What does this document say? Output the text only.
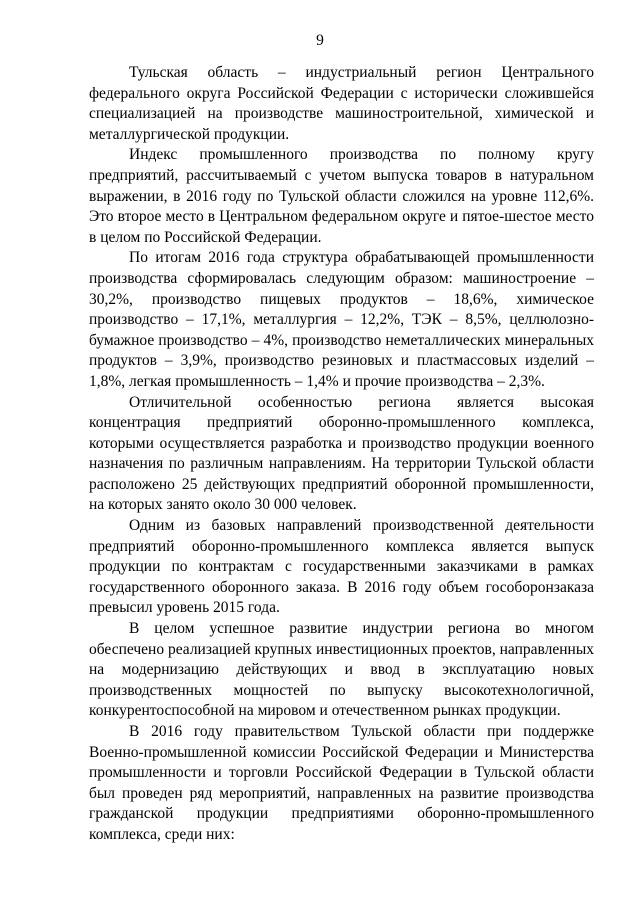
9

Тульская область – индустриальный регион Центрального федерального округа Российской Федерации с исторически сложившейся специализацией на производстве машиностроительной, химической и металлургической продукции.

Индекс промышленного производства по полному кругу предприятий, рассчитываемый с учетом выпуска товаров в натуральном выражении, в 2016 году по Тульской области сложился на уровне 112,6%. Это второе место в Центральном федеральном округе и пятое-шестое место в целом по Российской Федерации.

По итогам 2016 года структура обрабатывающей промышленности производства сформировалась следующим образом: машиностроение – 30,2%, производство пищевых продуктов – 18,6%, химическое производство – 17,1%, металлургия – 12,2%, ТЭК – 8,5%, целлюлозно-бумажное производство – 4%, производство неметаллических минеральных продуктов – 3,9%, производство резиновых и пластмассовых изделий – 1,8%, легкая промышленность – 1,4% и прочие производства – 2,3%.

Отличительной особенностью региона является высокая концентрация предприятий оборонно-промышленного комплекса, которыми осуществляется разработка и производство продукции военного назначения по различным направлениям. На территории Тульской области расположено 25 действующих предприятий оборонной промышленности, на которых занято около 30 000 человек.

Одним из базовых направлений производственной деятельности предприятий оборонно-промышленного комплекса является выпуск продукции по контрактам с государственными заказчиками в рамках государственного оборонного заказа. В 2016 году объем гособоронзаказа превысил уровень 2015 года.

В целом успешное развитие индустрии региона во многом обеспечено реализацией крупных инвестиционных проектов, направленных на модернизацию действующих и ввод в эксплуатацию новых производственных мощностей по выпуску высокотехнологичной, конкурентоспособной на мировом и отечественном рынках продукции.

В 2016 году правительством Тульской области при поддержке Военно-промышленной комиссии Российской Федерации и Министерства промышленности и торговли Российской Федерации в Тульской области был проведен ряд мероприятий, направленных на развитие производства гражданской продукции предприятиями оборонно-промышленного комплекса, среди них:
